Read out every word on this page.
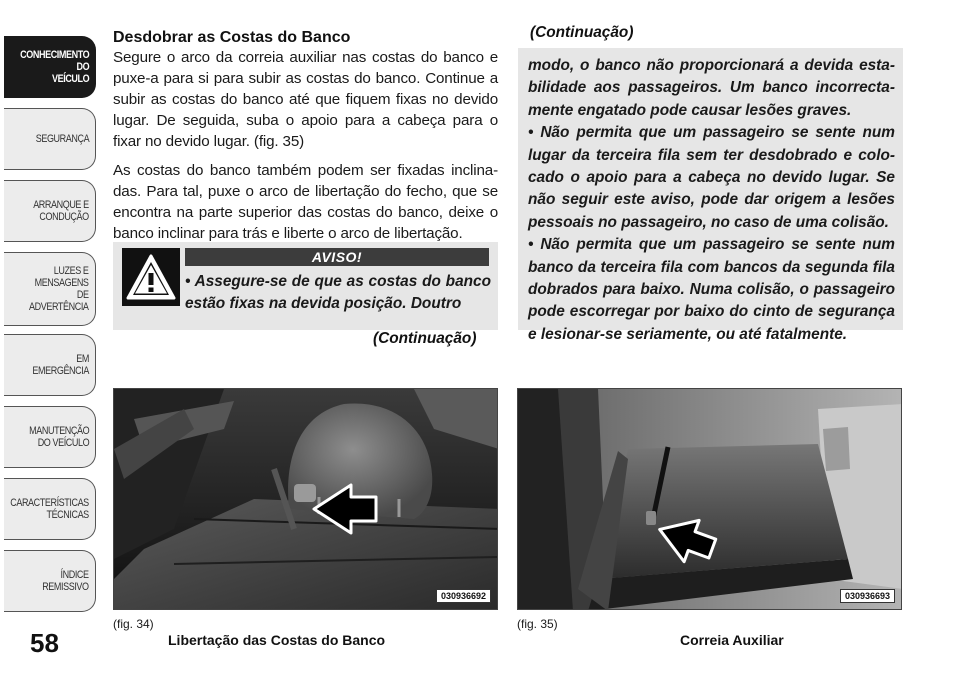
CONHECIMENTO
DO
VEÍCULO
SEGURANÇA
ARRANQUE E
CONDUÇÃO
LUZES E
MENSAGENS
DE
ADVERTÊNCIA
EM
EMERGÊNCIA
MANUTENÇÃO
DO VEÍCULO
CARACTERÍSTICAS
TÉCNICAS
ÍNDICE
REMISSIVO
58
Desdobrar as Costas do Banco

Segure o arco da correia auxiliar nas costas do banco e puxe-a para si para subir as costas do banco. Continue a subir as costas do banco até que fiquem fixas no devido lugar. De seguida, suba o apoio para a cabeça para o fixar no devido lugar. (fig. 35)

As costas do banco também podem ser fixadas inclina-das. Para tal, puxe o arco de libertação do fecho, que se encontra na parte superior das costas do banco, deixe o banco inclinar para trás e liberte o arco de libertação.

AVISO!
• Assegure-se de que as costas do banco estão fixas na devida posição. Doutro
(Continuação)
(Continuação)

modo, o banco não proporcionará a devida esta-bilidade aos passageiros. Um banco incorrecta-mente engatado pode causar lesões graves.

• Não permita que um passageiro se sente num lugar da terceira fila sem ter desdobrado e colo-cado o apoio para a cabeça no devido lugar. Se não seguir este aviso, pode dar origem a lesões pessoais no passageiro, no caso de uma colisão.

• Não permita que um passageiro se sente num banco da terceira fila com bancos da segunda fila dobrados para baixo. Numa colisão, o passageiro pode escorregar por baixo do cinto de segurança e lesionar-se seriamente, ou até fatalmente.

030936692
(fig. 34)
Libertação das Costas do Banco
030936693
(fig. 35)
Correia Auxiliar
